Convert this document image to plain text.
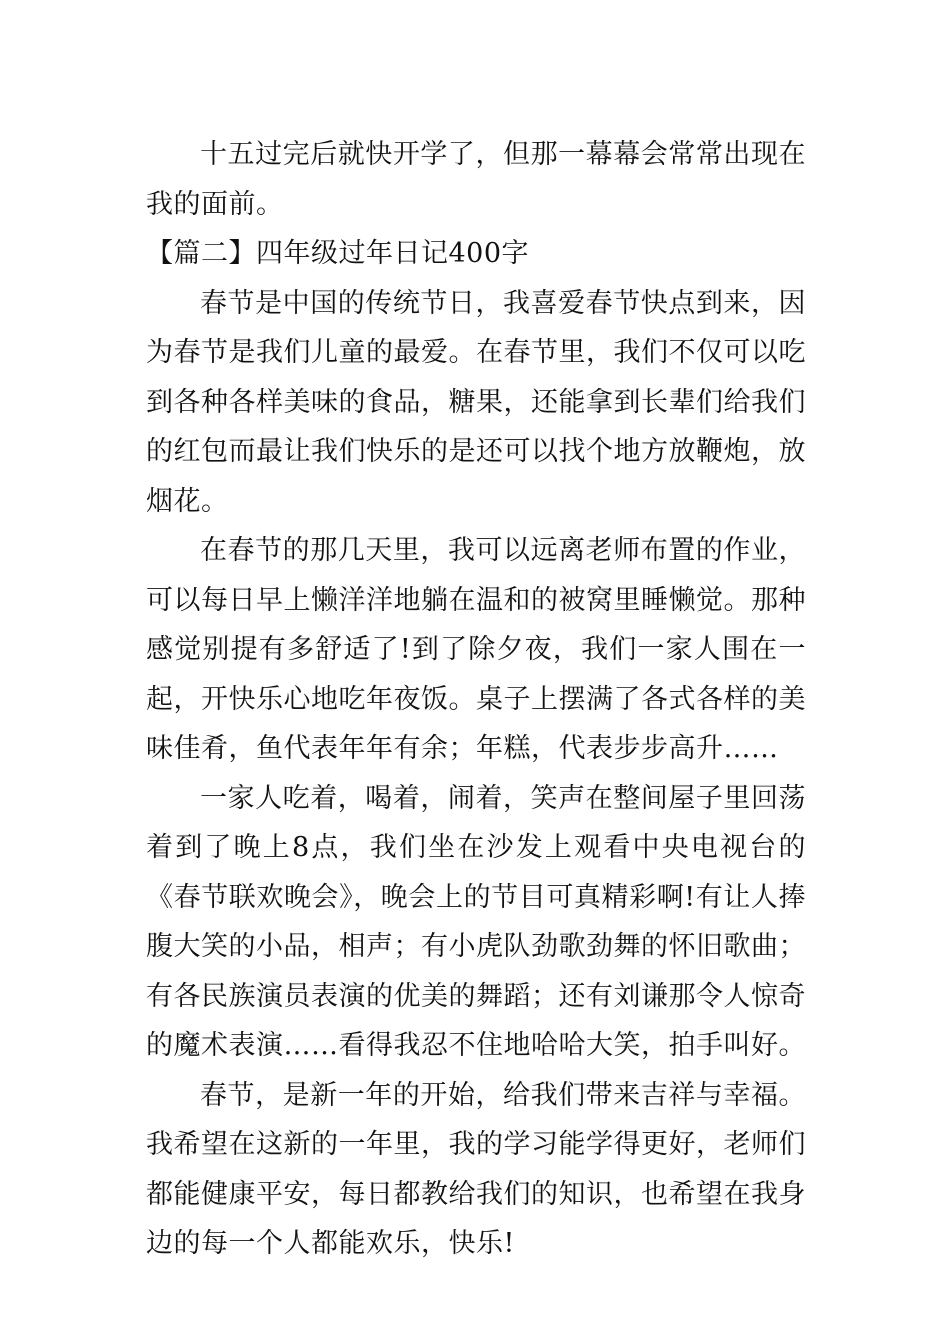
十五过完后就快开学了，但那一幕幕会常常出现在我的面前。

【篇二】四年级过年日记400字

春节是中国的传统节日，我喜爱春节快点到来，因为春节是我们儿童的最爱。在春节里，我们不仅可以吃到各种各样美味的食品，糖果，还能拿到长辈们给我们的红包而最让我们快乐的是还可以找个地方放鞭炮，放烟花。

在春节的那几天里，我可以远离老师布置的作业，可以每日早上懒洋洋地躺在温和的被窝里睡懒觉。那种感觉别提有多舒适了!到了除夕夜，我们一家人围在一起，开快乐心地吃年夜饭。桌子上摆满了各式各样的美味佳肴，鱼代表年年有余；年糕，代表步步高升……

一家人吃着，喝着，闹着，笑声在整间屋子里回荡着到了晚上8点，我们坐在沙发上观看中央电视台的《春节联欢晚会》，晚会上的节目可真精彩啊!有让人捧腹大笑的小品，相声；有小虎队劲歌劲舞的怀旧歌曲；有各民族演员表演的优美的舞蹈；还有刘谦那令人惊奇的魔术表演……看得我忍不住地哈哈大笑，拍手叫好。

春节，是新一年的开始，给我们带来吉祥与幸福。我希望在这新的一年里，我的学习能学得更好，老师们都能健康平安，每日都教给我们的知识，也希望在我身边的每一个人都能欢乐，快乐!
